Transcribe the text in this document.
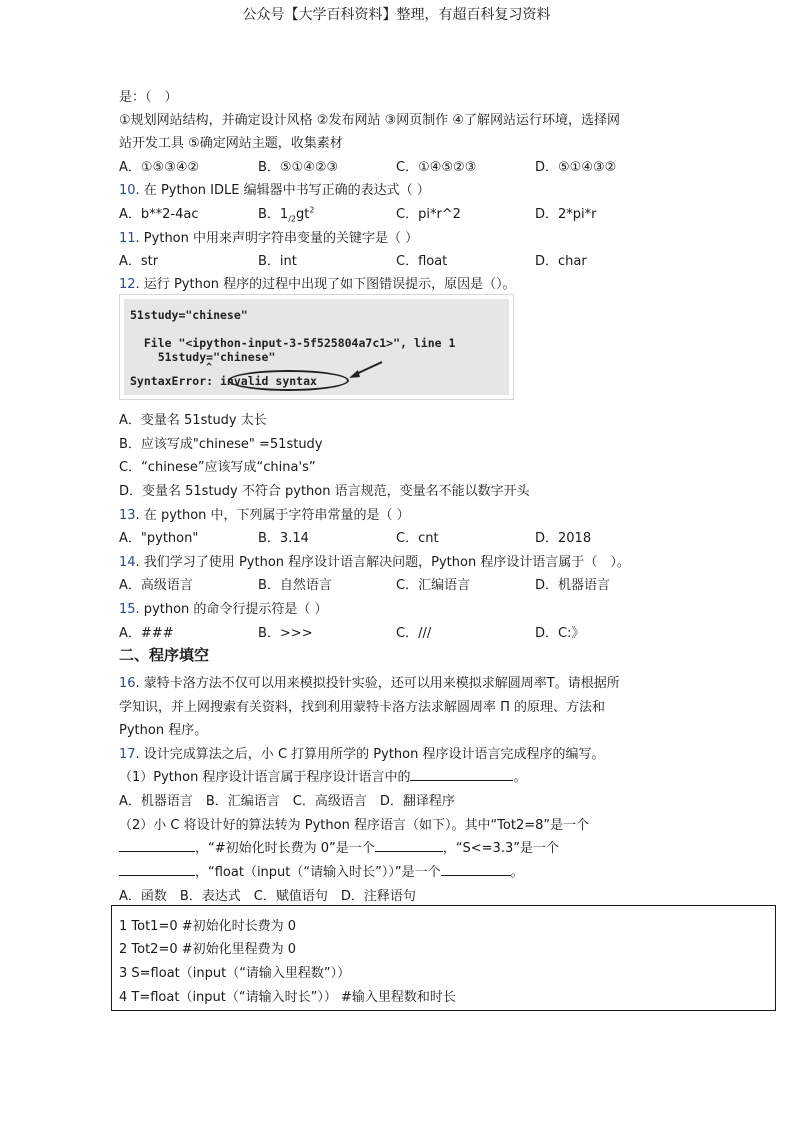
公众号【大学百科资料】整理，有超百科复习资料
是：（　）
①规划网站结构，并确定设计风格 ②发布网站 ③网页制作 ④了解网站运行环境，选择网
站开发工具 ⑤确定网站主题，收集素材
A．①⑤③④②	B．⑤①④②③	C．①④⑤②③	D．⑤①④③②
10. 在 Python IDLE 编辑器中书写正确的表达式（ ）
A．b**2-4ac	B．$1_{/2}gt^2$	C．pi*r^2	D．2*pi*r
11. Python 中用来声明字符串变量的关键字是（ ）
A．str	B．int	C．float	D．char
12. 运行 Python 程序的过程中出现了如下图错误提示，原因是（）。
51study="chinese"
File "<ipython-input-3-5f525804a7c1>", line 1
51study="chinese"
^
SyntaxError: invalid syntax
A．变量名 51study 太长
B．应该写成"chinese" =51study
C．“chinese”应该写成“china's”
D．变量名 51study 不符合 python 语言规范，变量名不能以数字开头
13. 在 python 中，下列属于字符串常量的是（ ）
A．"python"	B．3.14	C．cnt	D．2018
14. 我们学习了使用 Python 程序设计语言解决问题，Python 程序设计语言属于（　）。
A．高级语言	B．自然语言	C．汇编语言	D．机器语言
15. python 的命令行提示符是（ ）
A．###	B．>>>	C．///	D．C:》
二、程序填空
16. 蒙特卡洛方法不仅可以用来模拟投针实验，还可以用来模拟求解圆周率T。请根据所
学知识，并上网搜索有关资料，找到利用蒙特卡洛方法求解圆周率 Π 的原理、方法和
Python 程序。
17. 设计完成算法之后，小 C 打算用所学的 Python 程序设计语言完成程序的编写。
（1）Python 程序设计语言属于程序设计语言中的	。
A．机器语言　B．汇编语言　C．高级语言　D．翻译程序
（2）小 C 将设计好的算法转为 Python 程序语言（如下）。其中“Tot2=8”是一个
，“#初始化时长费为 0”是一个	，“S<=3.3”是一个
，“float（input（“请输入时长”））”是一个	。
A．函数　B．表达式　C．赋值语句　D．注释语句
1 Tot1=0 #初始化时长费为 0
2 Tot2=0 #初始化里程费为 0
3 S=float（input（“请输入里程数”））
4 T=float（input（“请输入时长”）） #输入里程数和时长
